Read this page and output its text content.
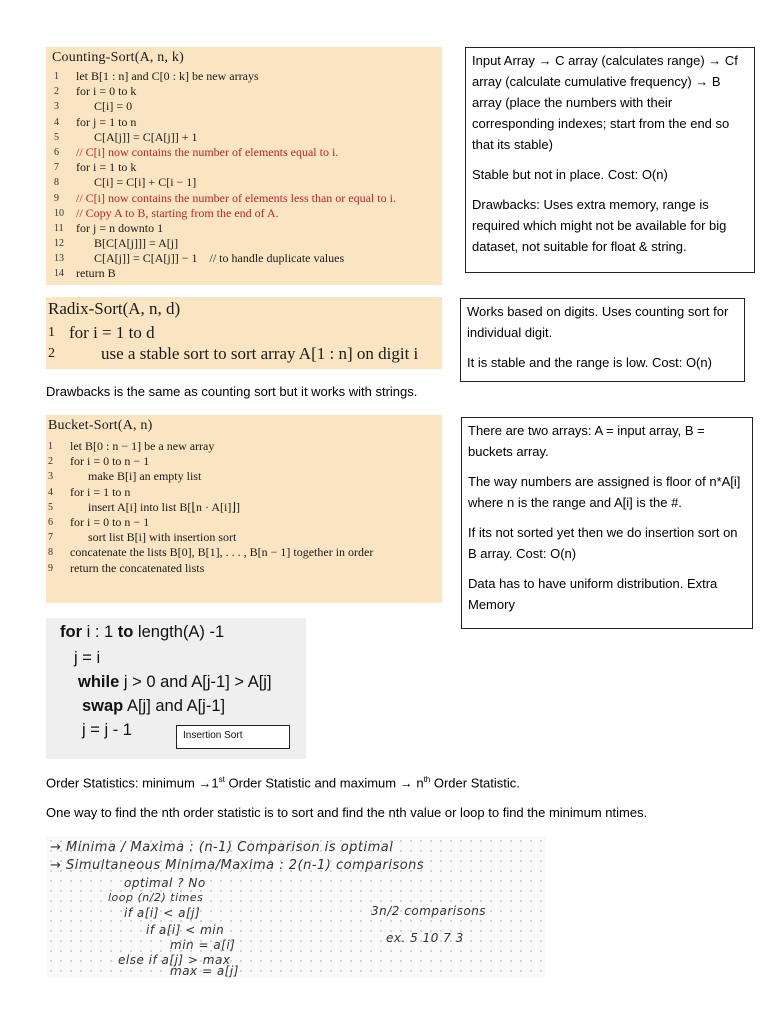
Counting-Sort(A, n, k)
1	let B[1 : n] and C[0 : k] be new arrays
2	for i = 0 to k
3	C[i] = 0
4	for j = 1 to n
5	C[A[j]] = C[A[j]] + 1
6	// C[i] now contains the number of elements equal to i.
7	for i = 1 to k
8	C[i] = C[i] + C[i − 1]
9	// C[i] now contains the number of elements less than or equal to i.
10	// Copy A to B, starting from the end of A.
11	for j = n downto 1
12	B[C[A[j]]] = A[j]
13	C[A[j]] = C[A[j]] − 1    // to handle duplicate values
14	return B

Input Array → C array (calculates range) → Cf array (calculate cumulative frequency) → B array (place the numbers with their corresponding indexes; start from the end so that its stable)

Stable but not in place. Cost: O(n)

Drawbacks: Uses extra memory, range is required which might not be available for big dataset, not suitable for float & string.

Radix-Sort(A, n, d)
1 for i = 1 to d
2	use a stable sort to sort array A[1 : n] on digit i

Works based on digits. Uses counting sort for individual digit.

It is stable and the range is low. Cost: O(n)

Drawbacks is the same as counting sort but it works with strings.
Bucket-Sort(A, n)
1	let B[0 : n − 1] be a new array
2	for i = 0 to n − 1
3	make B[i] an empty list
4	for i = 1 to n
5	insert A[i] into list B[⌊n · A[i]⌋]
6	for i = 0 to n − 1
7	sort list B[i] with insertion sort
8	concatenate the lists B[0], B[1], . . . , B[n − 1] together in order
9	return the concatenated lists

There are two arrays: A = input array, B = buckets array.

The way numbers are assigned is floor of n*A[i] where n is the range and A[i] is the #.

If its not sorted yet then we do insertion sort on B array. Cost: O(n)

Data has to have uniform distribution. Extra Memory

for i : 1 to length(A) -1
j = i
while j > 0 and A[j-1] > A[j]
swap A[j] and A[j-1]
j = j - 1	Insertion Sort
Order Statistics: minimum →1st Order Statistic and maximum → $n^{th}$ Order Statistic.
One way to find the nth order statistic is to sort and find the nth value or loop to find the minimum ntimes.
→ Minima / Maxima : (n-1) Comparison is optimal
→ Simultaneous Minima/Maxima : 2(n-1) comparisons
optimal ? No
loop (n/2) times
if a[i] < a[j]
if a[i] < min
min = a[i]
else if a[j] > max
max = a[j]
3n/2 comparisons
ex. 5 10 7 3
